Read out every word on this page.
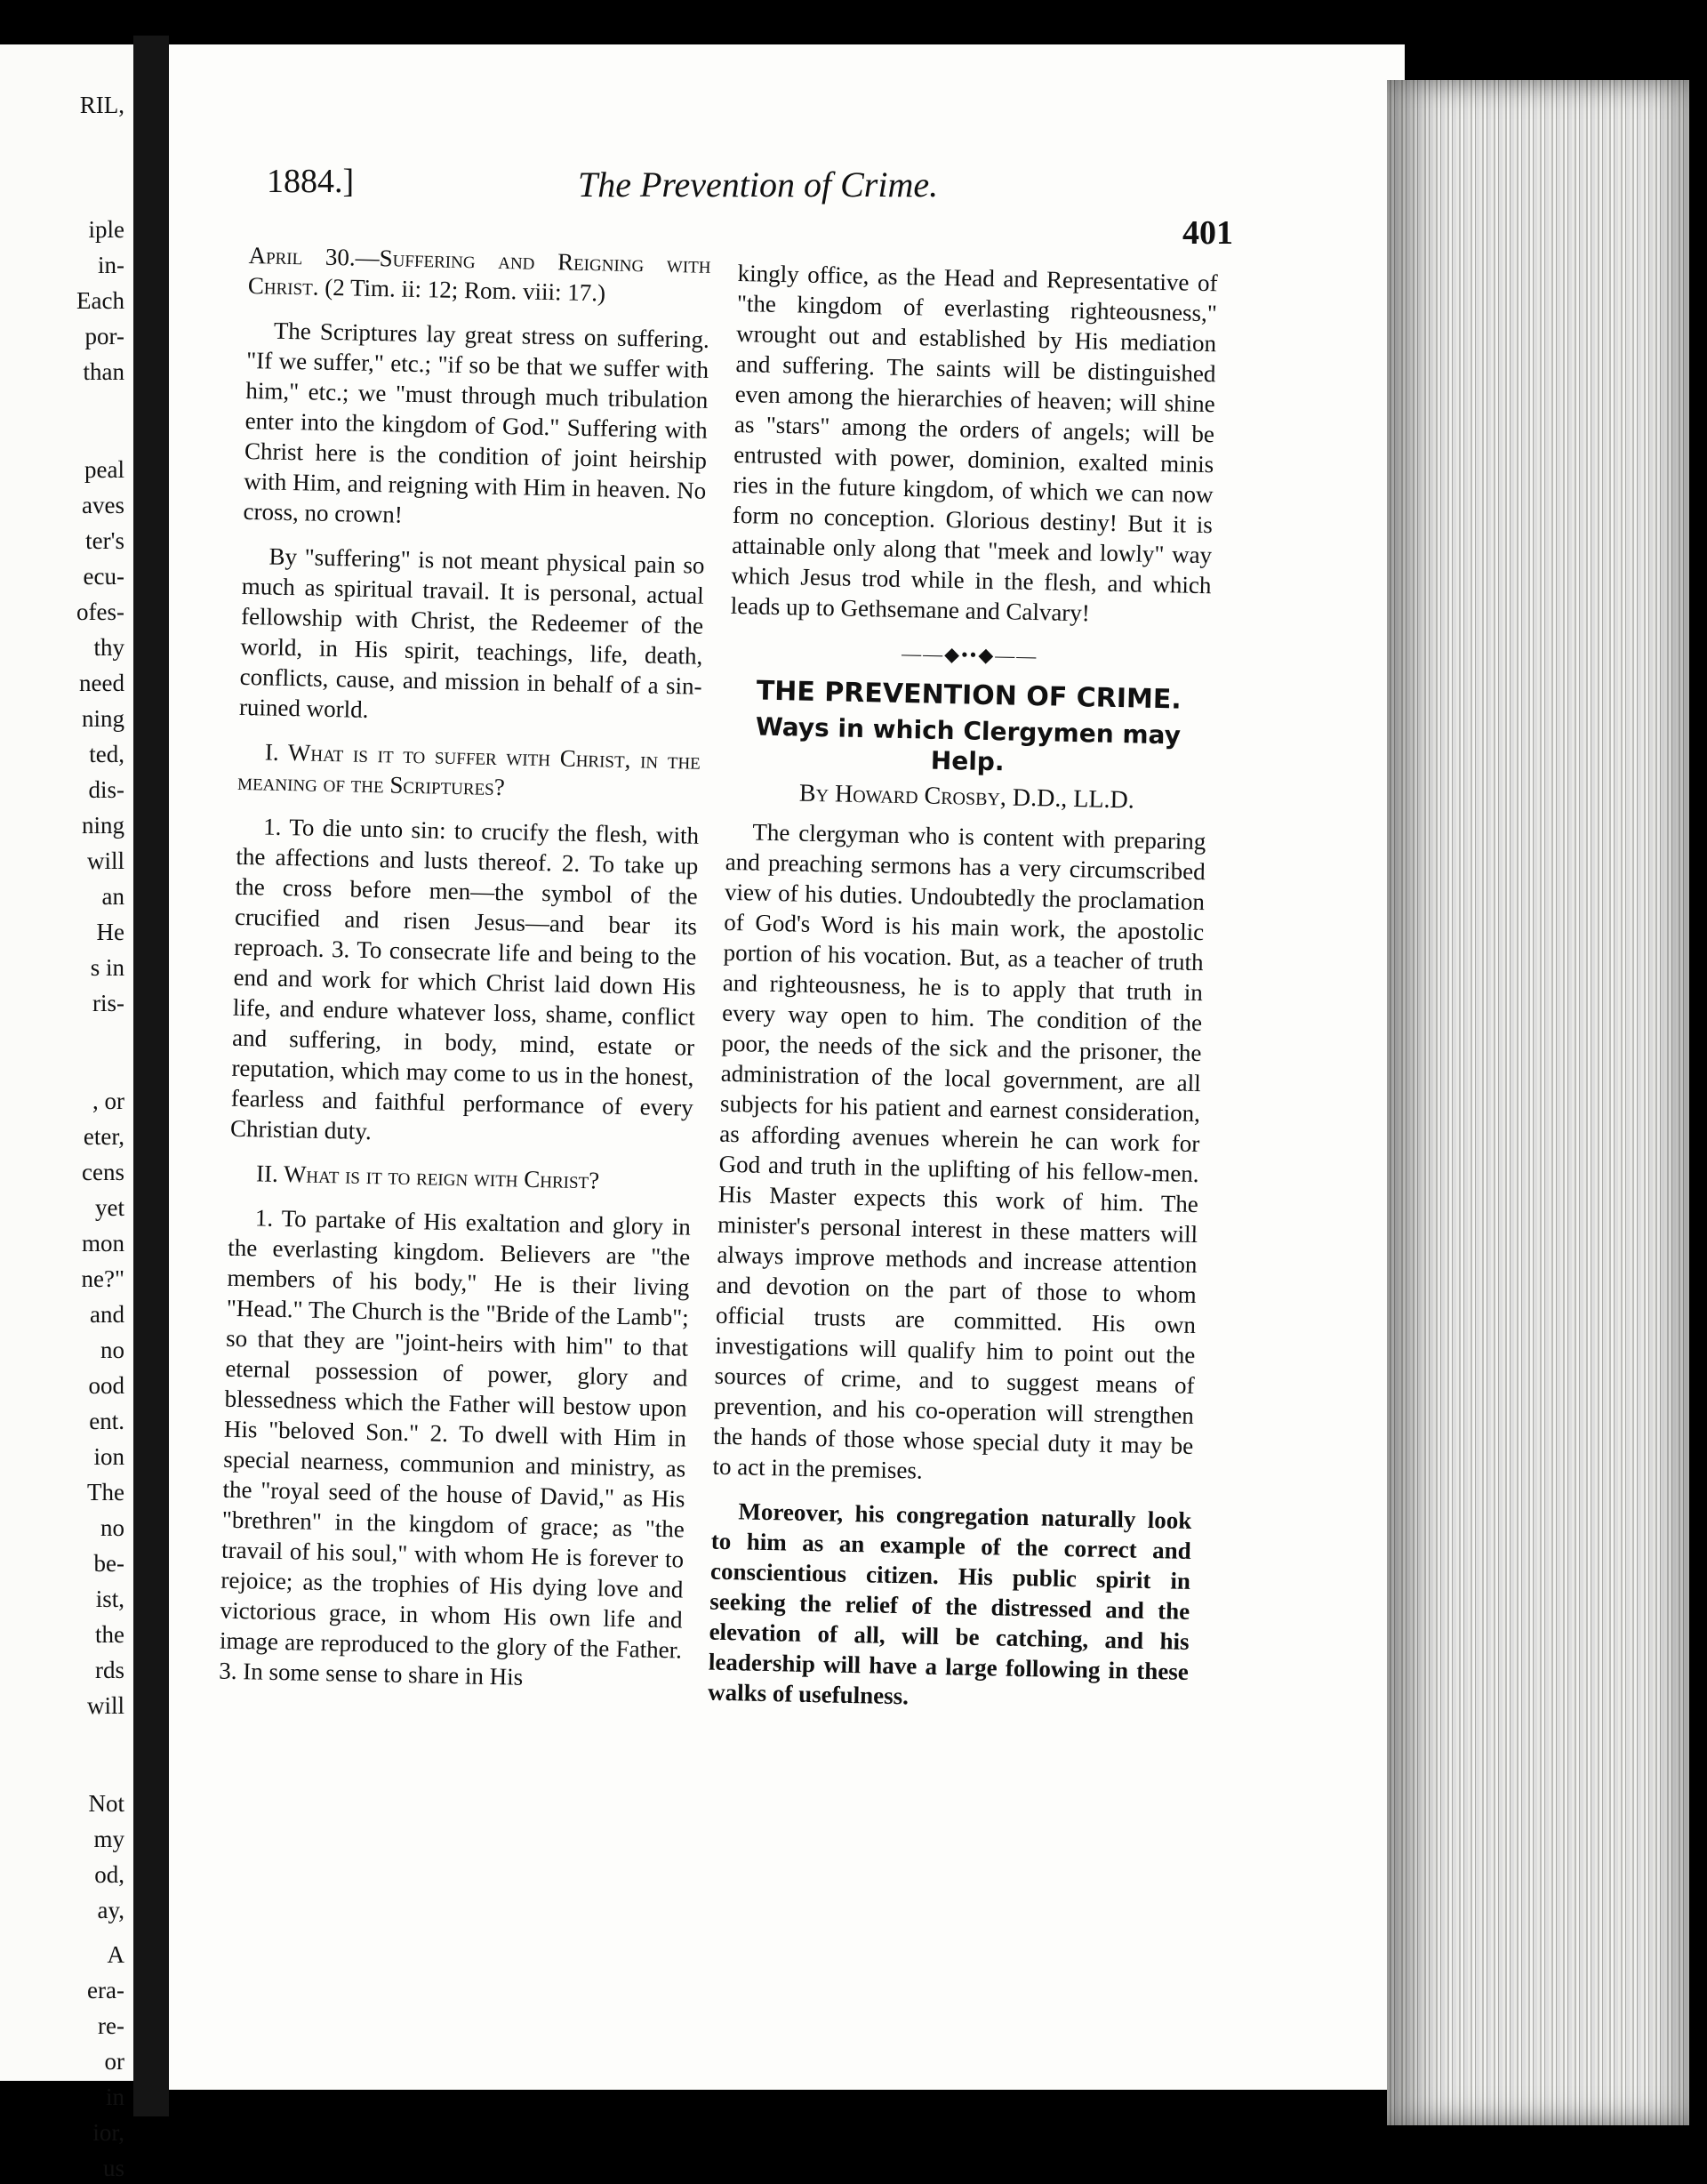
RIL,
iple
in-
Each
por-
than
peal
aves
ter's
ecu-
ofes-
thy
need
ning
ted,
dis-
ning
will
an
He
s in
ris-
, or
eter,
cens
yet
mon
ne?"
and
no
ood
ent.
ion
The
no
be-
ist,
the
rds
will
Not
my
od,
ay,
A
era-
re-
or
in
ior,
us
1884.]	The Prevention of Crime.
401

April 30.—Suffering and Reigning with Christ. (2 Tim. ii: 12; Rom. viii: 17.)

The Scriptures lay great stress on suffering. "If we suffer," etc.; "if so be that we suffer with him," etc.; we "must through much tribulation enter into the kingdom of God." Suffering with Christ here is the condition of joint heirship with Him, and reigning with Him in heaven. No cross, no crown!

By "suffering" is not meant physical pain so much as spiritual travail. It is personal, actual fellowship with Christ, the Redeemer of the world, in His spirit, teachings, life, death, conflicts, cause, and mission in behalf of a sin-ruined world.

I. What is it to suffer with Christ, in the meaning of the Scriptures?

1. To die unto sin: to crucify the flesh, with the affections and lusts thereof. 2. To take up the cross before men—the symbol of the crucified and risen Jesus—and bear its reproach. 3. To consecrate life and being to the end and work for which Christ laid down His life, and endure whatever loss, shame, conflict and suffering, in body, mind, estate or reputation, which may come to us in the honest, fearless and faithful performance of every Christian duty.

II. What is it to reign with Christ?

1. To partake of His exaltation and glory in the everlasting kingdom. Believers are "the members of his body," He is their living "Head." The Church is the "Bride of the Lamb"; so that they are "joint-heirs with him" to that eternal possession of power, glory and blessedness which the Father will bestow upon His "beloved Son." 2. To dwell with Him in special nearness, communion and ministry, as the "royal seed of the house of David," as His "brethren" in the kingdom of grace; as "the travail of his soul," with whom He is forever to rejoice; as the trophies of His dying love and victorious grace, in whom His own life and image are reproduced to the glory of the Father. 3. In some sense to share in His

kingly office, as the Head and Representative of "the kingdom of everlasting righteousness," wrought out and established by His mediation and suffering. The saints will be distinguished even among the hierarchies of heaven; will shine as "stars" among the orders of angels; will be entrusted with power, dominion, exalted minis ries in the future kingdom, of which we can now form no conception. Glorious destiny! But it is attainable only along that "meek and lowly" way which Jesus trod while in the flesh, and which leads up to Gethsemane and Calvary!

——◆••◆——
THE PREVENTION OF CRIME.
Ways in which Clergymen may Help.
By Howard Crosby, D.D., LL.D.

The clergyman who is content with preparing and preaching sermons has a very circumscribed view of his duties. Undoubtedly the proclamation of God's Word is his main work, the apostolic portion of his vocation. But, as a teacher of truth and righteousness, he is to apply that truth in every way open to him. The condition of the poor, the needs of the sick and the prisoner, the administration of the local government, are all subjects for his patient and earnest consideration, as affording avenues wherein he can work for God and truth in the uplifting of his fellow-men. His Master expects this work of him. The minister's personal interest in these matters will always improve methods and increase attention and devotion on the part of those to whom official trusts are committed. His own investigations will qualify him to point out the sources of crime, and to suggest means of prevention, and his co-operation will strengthen the hands of those whose special duty it may be to act in the premises.

Moreover, his congregation naturally look to him as an example of the correct and conscientious citizen. His public spirit in seeking the relief of the distressed and the elevation of all, will be catching, and his leadership will have a large following in these walks of usefulness.
